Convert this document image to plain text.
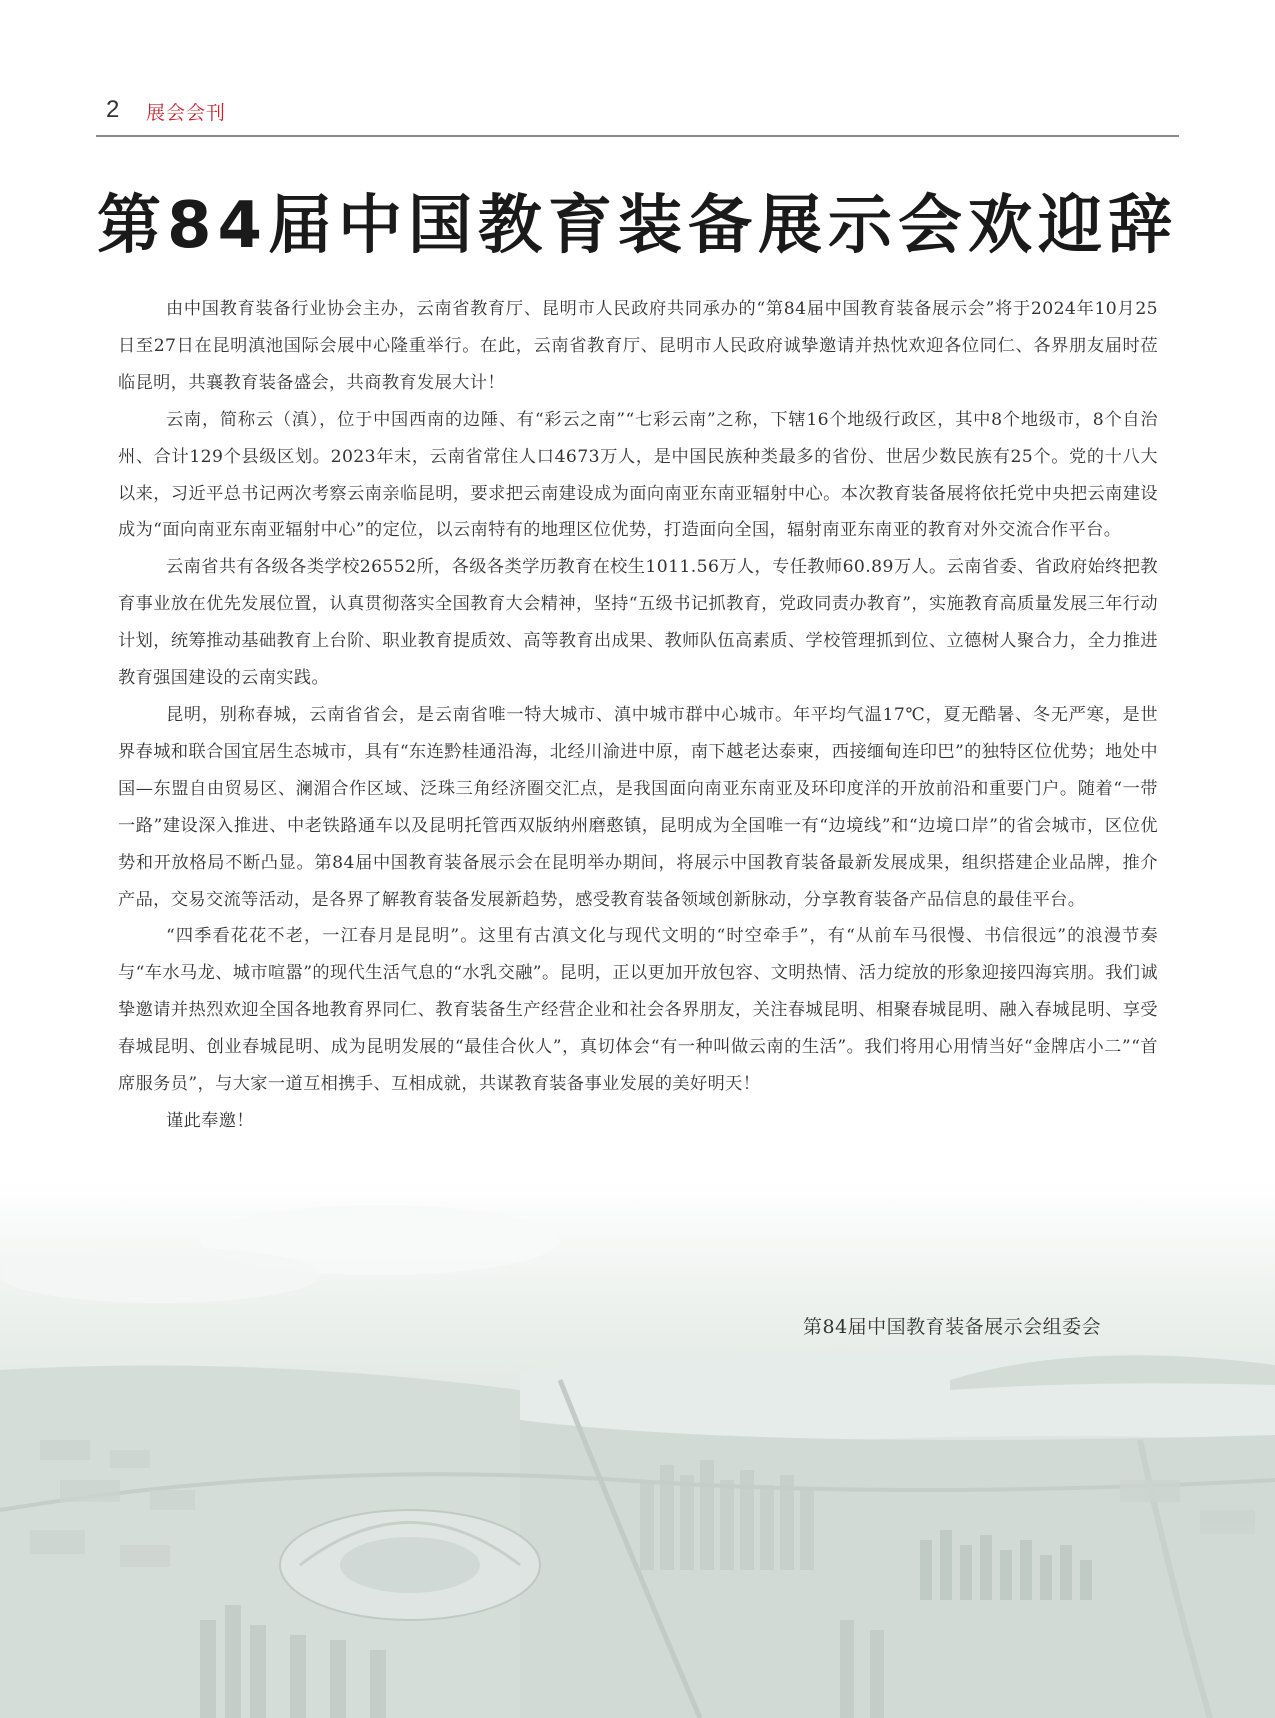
2 展会会刊
第84届中国教育装备展示会欢迎辞

由中国教育装备行业协会主办，云南省教育厅、昆明市人民政府共同承办的“第84届中国教育装备展示会”将于2024年10月25日至27日在昆明滇池国际会展中心隆重举行。在此，云南省教育厅、昆明市人民政府诚挚邀请并热忱欢迎各位同仁、各界朋友届时莅临昆明，共襄教育装备盛会，共商教育发展大计！

云南，简称云（滇），位于中国西南的边陲、有“彩云之南”“七彩云南”之称，下辖16个地级行政区，其中8个地级市，8个自治州、合计129个县级区划。2023年末，云南省常住人口4673万人，是中国民族种类最多的省份、世居少数民族有25个。党的十八大以来，习近平总书记两次考察云南亲临昆明，要求把云南建设成为面向南亚东南亚辐射中心。本次教育装备展将依托党中央把云南建设成为“面向南亚东南亚辐射中心”的定位，以云南特有的地理区位优势，打造面向全国，辐射南亚东南亚的教育对外交流合作平台。

云南省共有各级各类学校26552所，各级各类学历教育在校生1011.56万人，专任教师60.89万人。云南省委、省政府始终把教育事业放在优先发展位置，认真贯彻落实全国教育大会精神，坚持“五级书记抓教育，党政同责办教育”，实施教育高质量发展三年行动计划，统筹推动基础教育上台阶、职业教育提质效、高等教育出成果、教师队伍高素质、学校管理抓到位、立德树人聚合力，全力推进教育强国建设的云南实践。

昆明，别称春城，云南省省会，是云南省唯一特大城市、滇中城市群中心城市。年平均气温17℃，夏无酷暑、冬无严寒，是世界春城和联合国宜居生态城市，具有“东连黔桂通沿海，北经川渝进中原，南下越老达泰柬，西接缅甸连印巴”的独特区位优势；地处中国—东盟自由贸易区、澜湄合作区域、泛珠三角经济圈交汇点，是我国面向南亚东南亚及环印度洋的开放前沿和重要门户。随着“一带一路”建设深入推进、中老铁路通车以及昆明托管西双版纳州磨憨镇，昆明成为全国唯一有“边境线”和“边境口岸”的省会城市，区位优势和开放格局不断凸显。第84届中国教育装备展示会在昆明举办期间，将展示中国教育装备最新发展成果，组织搭建企业品牌，推介产品，交易交流等活动，是各界了解教育装备发展新趋势，感受教育装备领域创新脉动，分享教育装备产品信息的最佳平台。

“四季看花花不老，一江春月是昆明”。这里有古滇文化与现代文明的“时空牵手”，有“从前车马很慢、书信很远”的浪漫节奏与“车水马龙、城市喧嚣”的现代生活气息的“水乳交融”。昆明，正以更加开放包容、文明热情、活力绽放的形象迎接四海宾朋。我们诚挚邀请并热烈欢迎全国各地教育界同仁、教育装备生产经营企业和社会各界朋友，关注春城昆明、相聚春城昆明、融入春城昆明、享受春城昆明、创业春城昆明、成为昆明发展的“最佳合伙人”，真切体会“有一种叫做云南的生活”。我们将用心用情当好“金牌店小二”“首席服务员”，与大家一道互相携手、互相成就，共谋教育装备事业发展的美好明天！

谨此奉邀！

第84届中国教育装备展示会组委会
